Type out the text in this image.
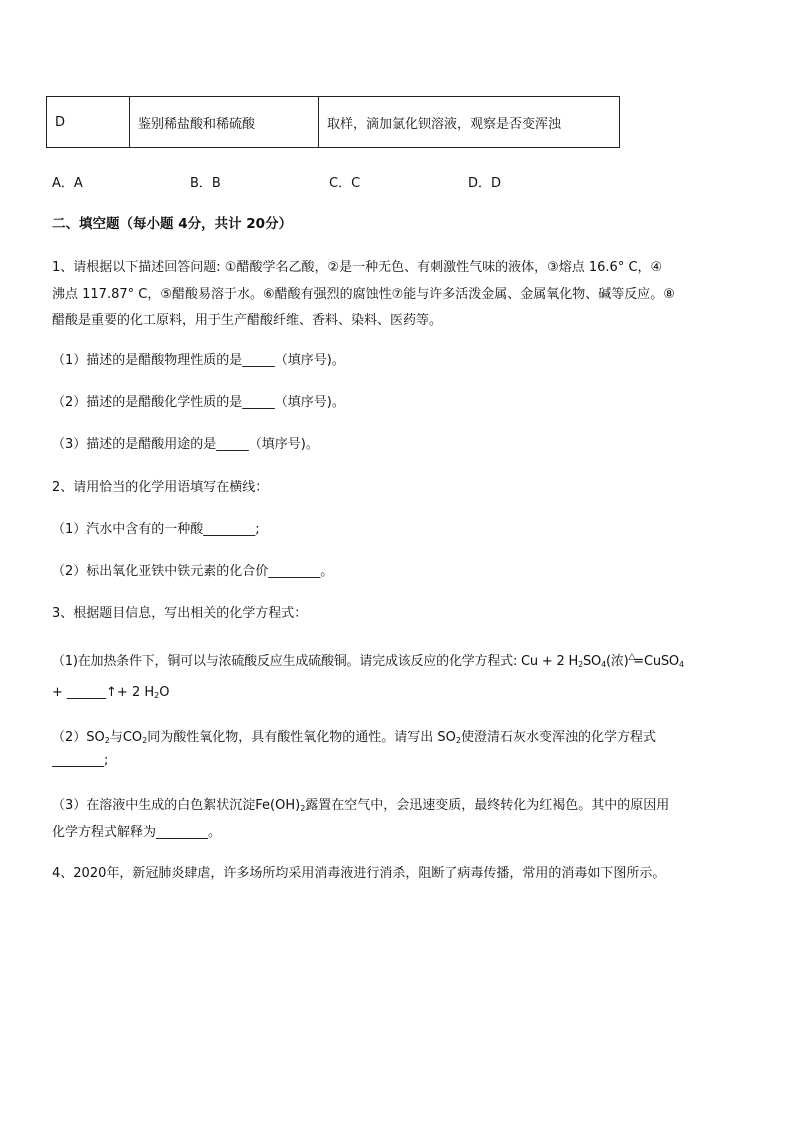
D	鉴别稀盐酸和稀硫酸	取样，滴加氯化钡溶液，观察是否变浑浊
A．A	B．B	C．C	D．D
二、填空题（每小题 4分，共计 20分）
1、请根据以下描述回答问题: ①醋酸学名乙酸，②是一种无色、有刺激性气味的液体，③熔点 16.6° C，④
沸点 117.87° C，⑤醋酸易溶于水。⑥醋酸有强烈的腐蚀性⑦能与许多活泼金属、金属氧化物、碱等反应。⑧
醋酸是重要的化工原料，用于生产醋酸纤维、香料、染料、医药等。
（1）描述的是醋酸物理性质的是_____（填序号)。
（2）描述的是醋酸化学性质的是_____（填序号)。
（3）描述的是醋酸用途的是_____（填序号)。
2、请用恰当的化学用语填写在横线：
（1）汽水中含有的一种酸________;
（2）标出氧化亚铁中铁元素的化合价________。
3、根据题目信息，写出相关的化学方程式：
（1)在加热条件下，铜可以与浓硫酸反应生成硫酸铜。请完成该反应的化学方程式: Cu + 2 $H_2SO_4$(浓)△=CuSO$_4$
+ ______↑+ 2 $H_2O$
$(2)SO_2$与$CO_2$同为酸性氧化物，具有酸性氧化物的通性。请写出 $SO_2$使澄清石灰水变浑浊的化学方程式
________;
（3）在溶液中生成的白色絮状沉淀$Fe(OH)_2$露置在空气中，会迅速变质，最终转化为红褐色。其中的原因用
化学方程式解释为________。
4、2020年，新冠肺炎肆虐，许多场所均采用消毒液进行消杀，阻断了病毒传播，常用的消毒如下图所示。
